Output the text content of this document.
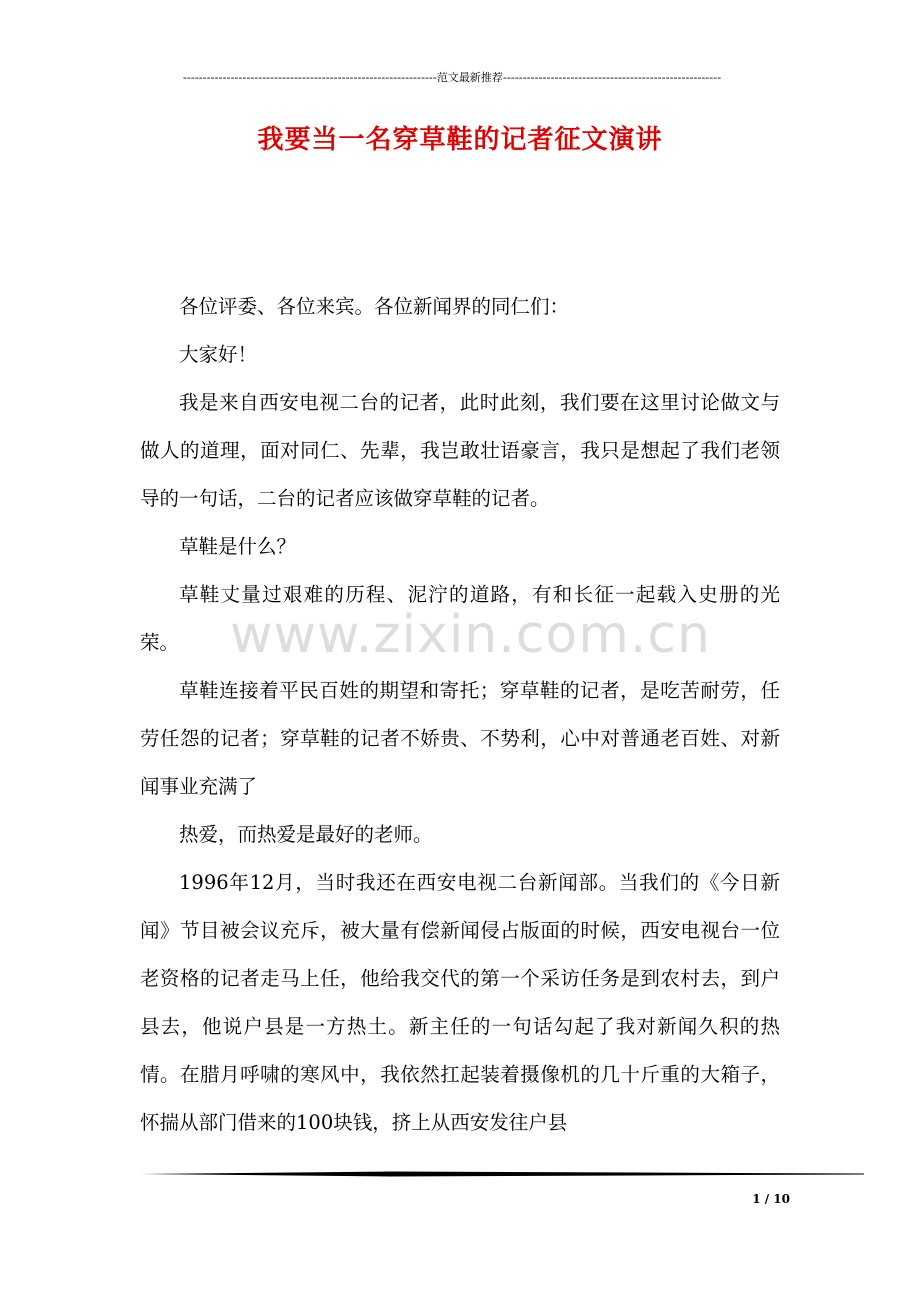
----------------------------------------------------------------范文最新推荐-------------------------------------------------------
我要当一名穿草鞋的记者征文演讲

各位评委、各位来宾。各位新闻界的同仁们：

大家好！

我是来自西安电视二台的记者，此时此刻，我们要在这里讨论做文与做人的道理，面对同仁、先辈，我岂敢壮语豪言，我只是想起了我们老领导的一句话，二台的记者应该做穿草鞋的记者。

草鞋是什么？

草鞋丈量过艰难的历程、泥泞的道路，有和长征一起载入史册的光荣。

草鞋连接着平民百姓的期望和寄托；穿草鞋的记者，是吃苦耐劳，任劳任怨的记者；穿草鞋的记者不娇贵、不势利，心中对普通老百姓、对新闻事业充满了

热爱，而热爱是最好的老师。

1996年12月，当时我还在西安电视二台新闻部。当我们的《今日新闻》节目被会议充斥，被大量有偿新闻侵占版面的时候，西安电视台一位老资格的记者走马上任，他给我交代的第一个采访任务是到农村去，到户县去，他说户县是一方热土。新主任的一句话勾起了我对新闻久积的热情。在腊月呼啸的寒风中，我依然扛起装着摄像机的几十斤重的大箱子，怀揣从部门借来的100块钱，挤上从西安发往户县

www.zixin.com.cn
1 / 10
